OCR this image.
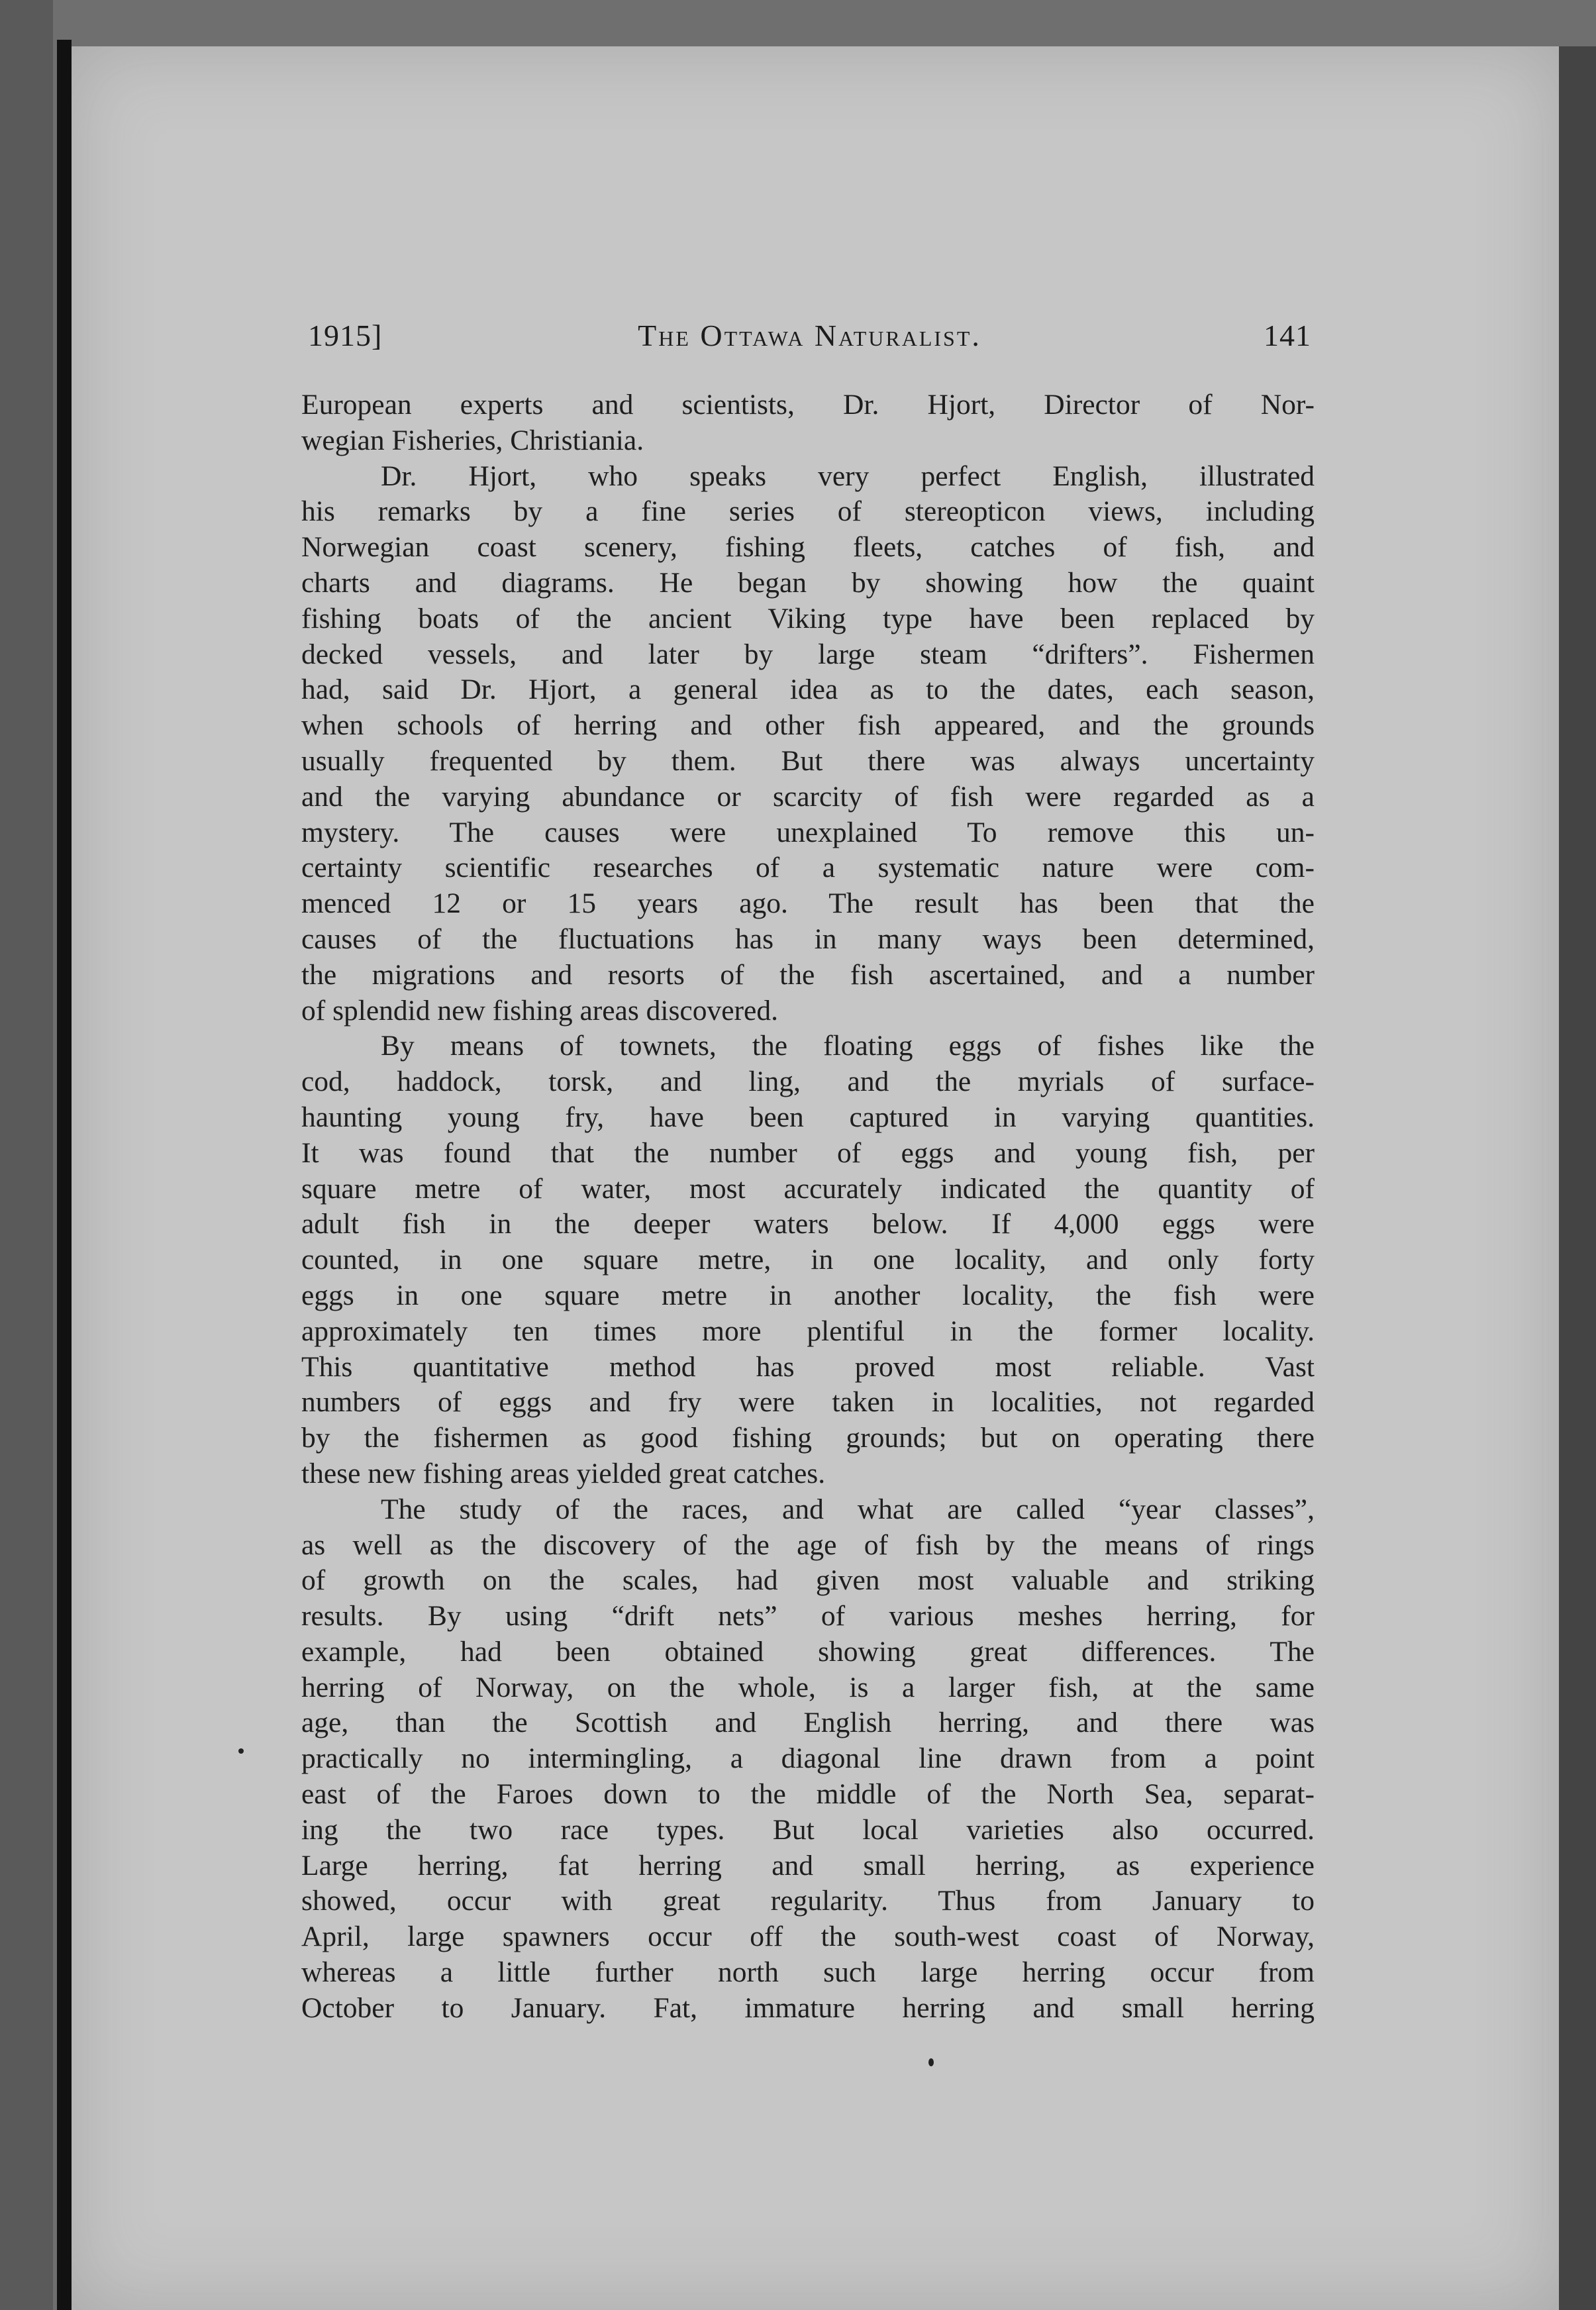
1915]	The Ottawa Naturalist.	141
European experts and scientists, Dr. Hjort, Director of Nor-
wegian Fisheries, Christiania.
Dr. Hjort, who speaks very perfect English, illustrated
his remarks by a fine series of stereopticon views, including
Norwegian coast scenery, fishing fleets, catches of fish, and
charts and diagrams. He began by showing how the quaint
fishing boats of the ancient Viking type have been replaced by
decked vessels, and later by large steam “drifters”. Fishermen
had, said Dr. Hjort, a general idea as to the dates, each season,
when schools of herring and other fish appeared, and the grounds
usually frequented by them. But there was always uncertainty
and the varying abundance or scarcity of fish were regarded as a
mystery. The causes were unexplained To remove this un-
certainty scientific researches of a systematic nature were com-
menced 12 or 15 years ago. The result has been that the
causes of the fluctuations has in many ways been determined,
the migrations and resorts of the fish ascertained, and a number
of splendid new fishing areas discovered.
By means of townets, the floating eggs of fishes like the
cod, haddock, torsk, and ling, and the myrials of surface-
haunting young fry, have been captured in varying quantities.
It was found that the number of eggs and young fish, per
square metre of water, most accurately indicated the quantity of
adult fish in the deeper waters below. If 4,000 eggs were
counted, in one square metre, in one locality, and only forty
eggs in one square metre in another locality, the fish were
approximately ten times more plentiful in the former locality.
This quantitative method has proved most reliable. Vast
numbers of eggs and fry were taken in localities, not regarded
by the fishermen as good fishing grounds; but on operating there
these new fishing areas yielded great catches.
The study of the races, and what are called “year classes”,
as well as the discovery of the age of fish by the means of rings
of growth on the scales, had given most valuable and striking
results. By using “drift nets” of various meshes herring, for
example, had been obtained showing great differences. The
herring of Norway, on the whole, is a larger fish, at the same
age, than the Scottish and English herring, and there was
practically no intermingling, a diagonal line drawn from a point
east of the Faroes down to the middle of the North Sea, separat-
ing the two race types. But local varieties also occurred.
Large herring, fat herring and small herring, as experience
showed, occur with great regularity. Thus from January to
April, large spawners occur off the south-west coast of Norway,
whereas a little further north such large herring occur from
October to January. Fat, immature herring and small herring
